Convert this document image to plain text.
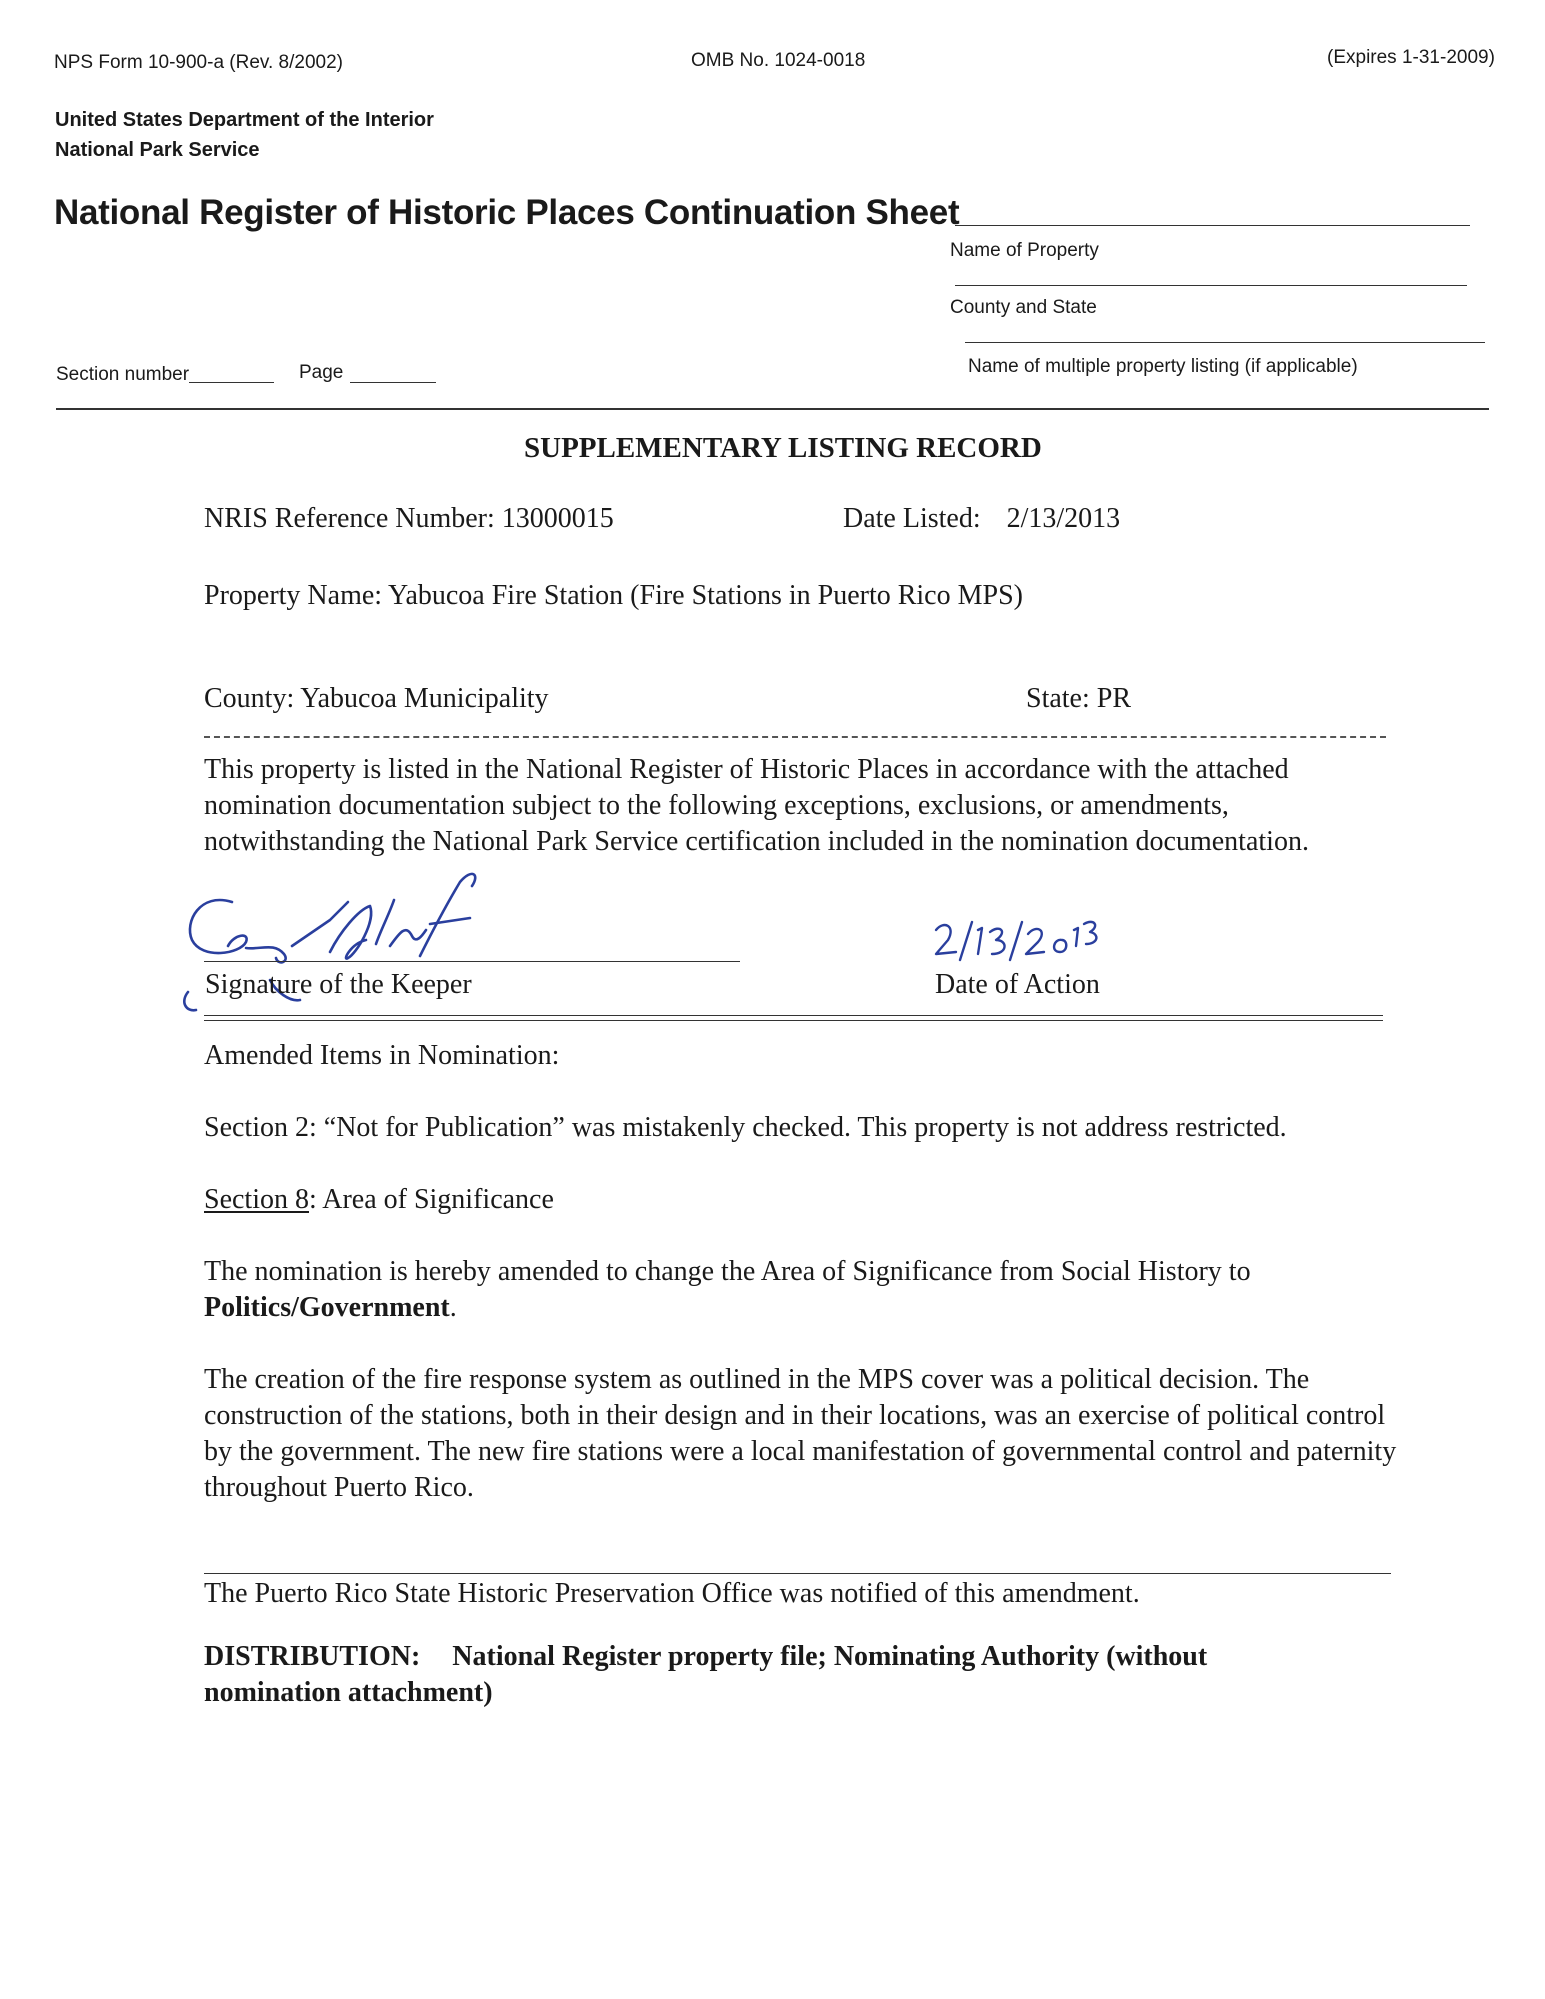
NPS Form 10-900-a (Rev. 8/2002)	OMB No. 1024-0018	(Expires 1-31-2009)
United States Department of the Interior
National Park Service
National Register of Historic Places Continuation Sheet
Name of Property
County and State
Name of multiple property listing (if applicable)
Section number	Page
SUPPLEMENTARY LISTING RECORD
NRIS Reference Number: 13000015	Date Listed: 2/13/2013
Property Name: Yabucoa Fire Station (Fire Stations in Puerto Rico MPS)
County: Yabucoa Municipality	State: PR
This property is listed in the National Register of Historic Places in accordance with the attached nomination documentation subject to the following exceptions, exclusions, or amendments, notwithstanding the National Park Service certification included in the nomination documentation.
Signature of the Keeper	Date of Action
Amended Items in Nomination:
Section 2: “Not for Publication” was mistakenly checked. This property is not address restricted.
Section 8: Area of Significance
The nomination is hereby amended to change the Area of Significance from Social History to Politics/Government.
The creation of the fire response system as outlined in the MPS cover was a political decision. The construction of the stations, both in their design and in their locations, was an exercise of political control by the government. The new fire stations were a local manifestation of governmental control and paternity throughout Puerto Rico.
The Puerto Rico State Historic Preservation Office was notified of this amendment.
DISTRIBUTION: National Register property file; Nominating Authority (without nomination attachment)
